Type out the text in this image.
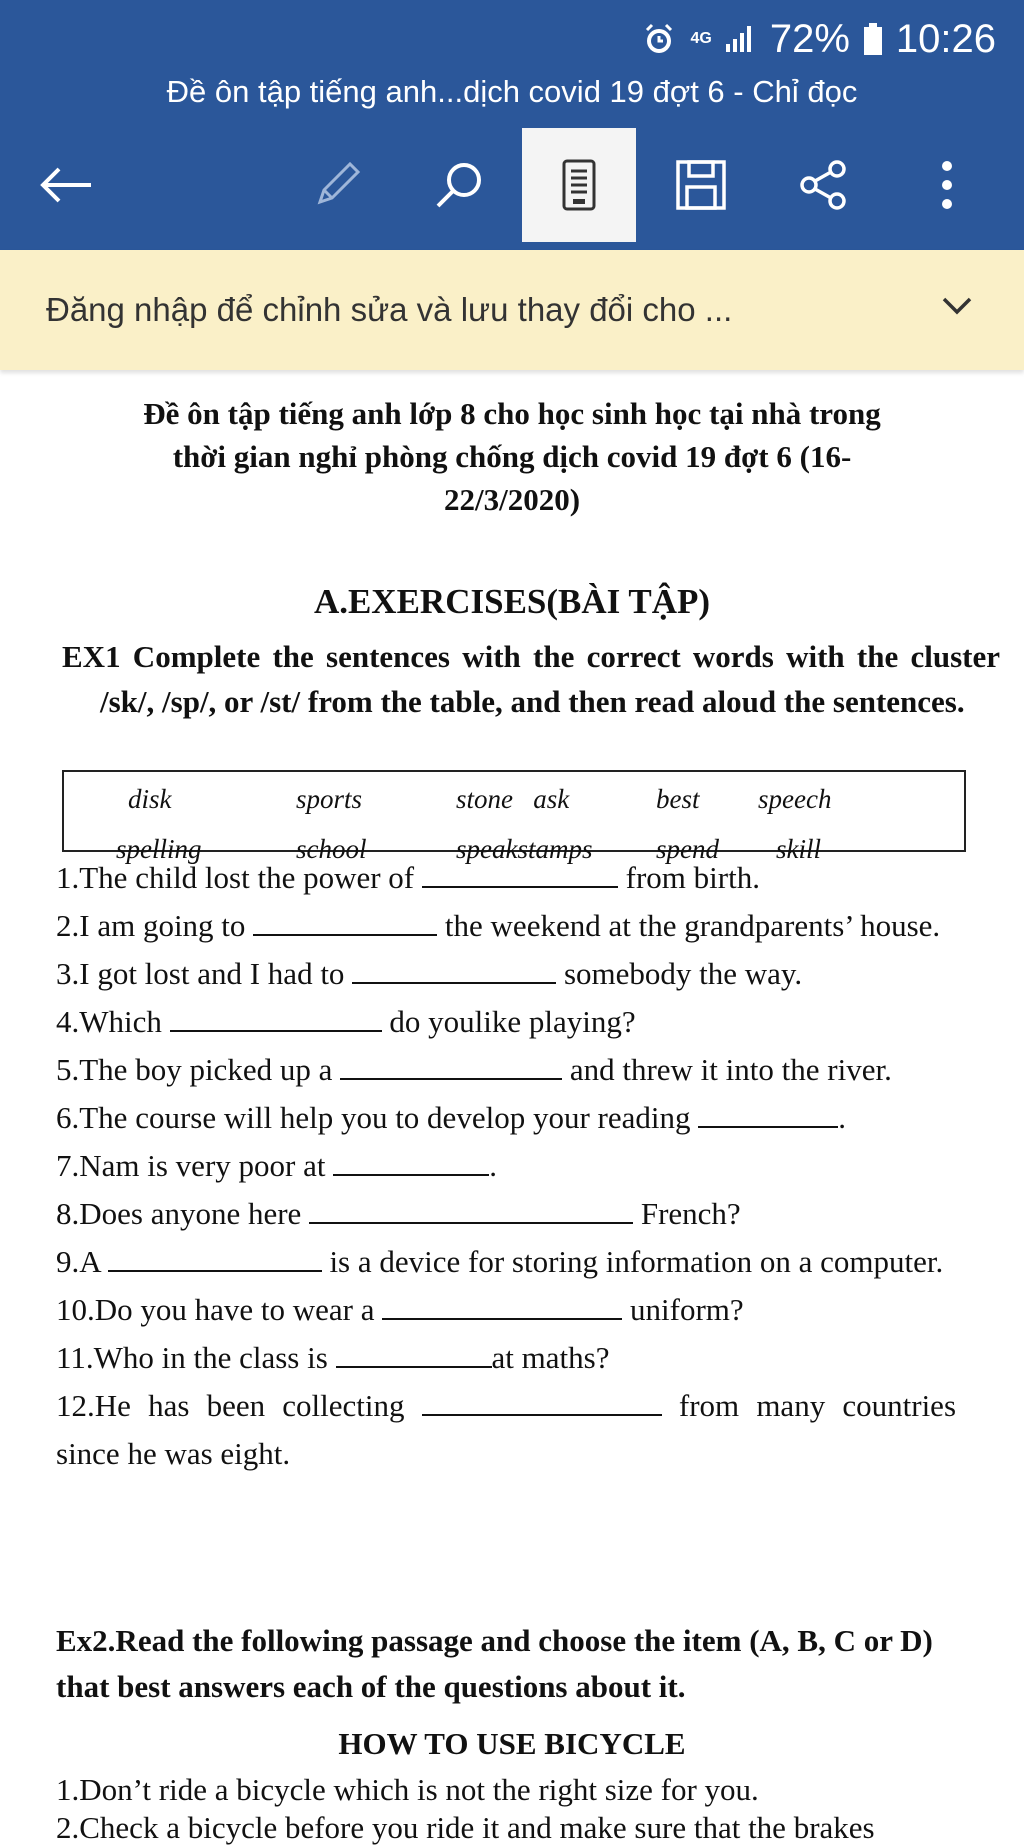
4G 72% 10:26
Đề ôn tập tiếng anh...dịch covid 19 đợt 6 - Chỉ đọc
Đăng nhập để chỉnh sửa và lưu thay đổi cho ...

Đề ôn tập tiếng anh lớp 8 cho học sinh học tại nhà trong
thời gian nghỉ phòng chống dịch covid 19 đợt 6 (16-
22/3/2020)

A.EXERCISES(BÀI TẬP)

EX1 Complete the sentences with the correct words with the cluster /sk/, /sp/, or /st/ from the table, and then read aloud the sentences.

disk	sports	stone   ask	best speech
spelling	school	speakstamps spend skill

1.The child lost the power of	from birth.

2.I am going to	the weekend at the grandparents’ house.

3.I got lost and I had to	somebody the way.

4.Which	do youlike playing?

5.The boy picked up a	and threw it into the river.

6.The course will help you to develop your reading	.

7.Nam is very poor at	.

8.Does anyone here	French?

9.A	is a device for storing information on a computer.

10.Do you have to wear a	uniform?

11.Who in the class is	at maths?

12.He has been collecting	from many countries since he was eight.

Ex2.Read the following passage and choose the item (A, B, C or D) that best answers each of the questions about it.

HOW TO USE BICYCLE

1.Don’t ride a bicycle which is not the right size for you.

2.Check a bicycle before you ride it and make sure that the brakes
